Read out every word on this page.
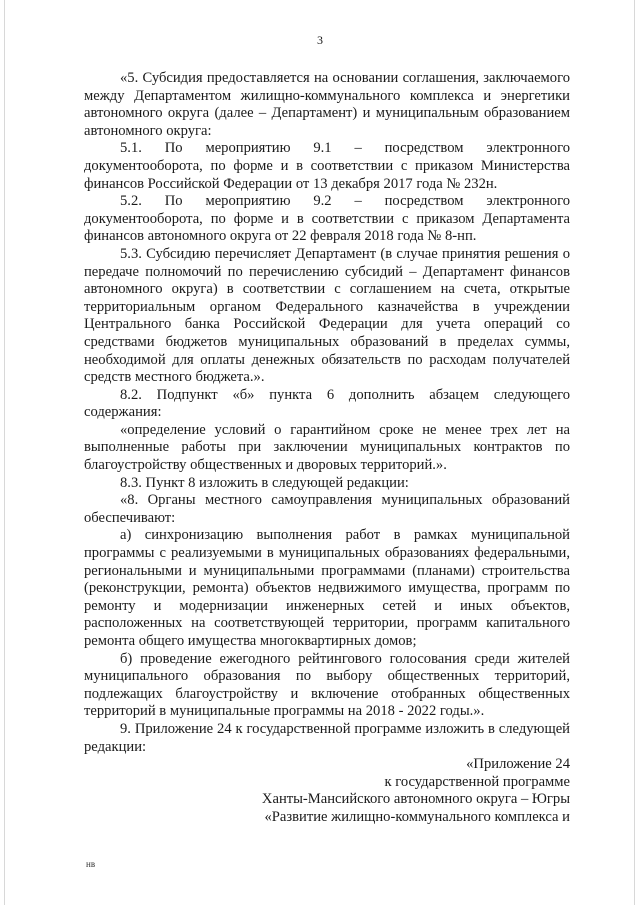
3

«5. Субсидия предоставляется на основании соглашения, заключаемого между Департаментом жилищно-коммунального комплекса и энергетики автономного округа (далее – Департамент) и муниципальным образованием автономного округа:

5.1. По мероприятию 9.1 – посредством электронного документооборота, по форме и в соответствии с приказом Министерства финансов Российской Федерации от 13 декабря 2017 года № 232н.

5.2. По мероприятию 9.2 – посредством электронного документооборота, по форме и в соответствии с приказом Департамента финансов автономного округа от 22 февраля 2018 года № 8-нп.

5.3. Субсидию перечисляет Департамент (в случае принятия решения о передаче полномочий по перечислению субсидий – Департамент финансов автономного округа) в соответствии с соглашением на счета, открытые территориальным органом Федерального казначейства в учреждении Центрального банка Российской Федерации для учета операций со средствами бюджетов муниципальных образований в пределах суммы, необходимой для оплаты денежных обязательств по расходам получателей средств местного бюджета.».

8.2. Подпункт «б» пункта 6 дополнить абзацем следующего содержания:

«определение условий о гарантийном сроке не менее трех лет на выполненные работы при заключении муниципальных контрактов по благоустройству общественных и дворовых территорий.».

8.3. Пункт 8 изложить в следующей редакции:

«8. Органы местного самоуправления муниципальных образований обеспечивают:

а) синхронизацию выполнения работ в рамках муниципальной программы с реализуемыми в муниципальных образованиях федеральными, региональными и муниципальными программами (планами) строительства (реконструкции, ремонта) объектов недвижимого имущества, программ по ремонту и модернизации инженерных сетей и иных объектов, расположенных на соответствующей территории, программ капитального ремонта общего имущества многоквартирных домов;

б) проведение ежегодного рейтингового голосования среди жителей муниципального образования по выбору общественных территорий, подлежащих благоустройству и включение отобранных общественных территорий в муниципальные программы на 2018 - 2022 годы.».

9. Приложение 24 к государственной программе изложить в следующей редакции:

«Приложение 24
к государственной программе
Ханты-Мансийского автономного округа – Югры
«Развитие жилищно-коммунального комплекса и
нв
